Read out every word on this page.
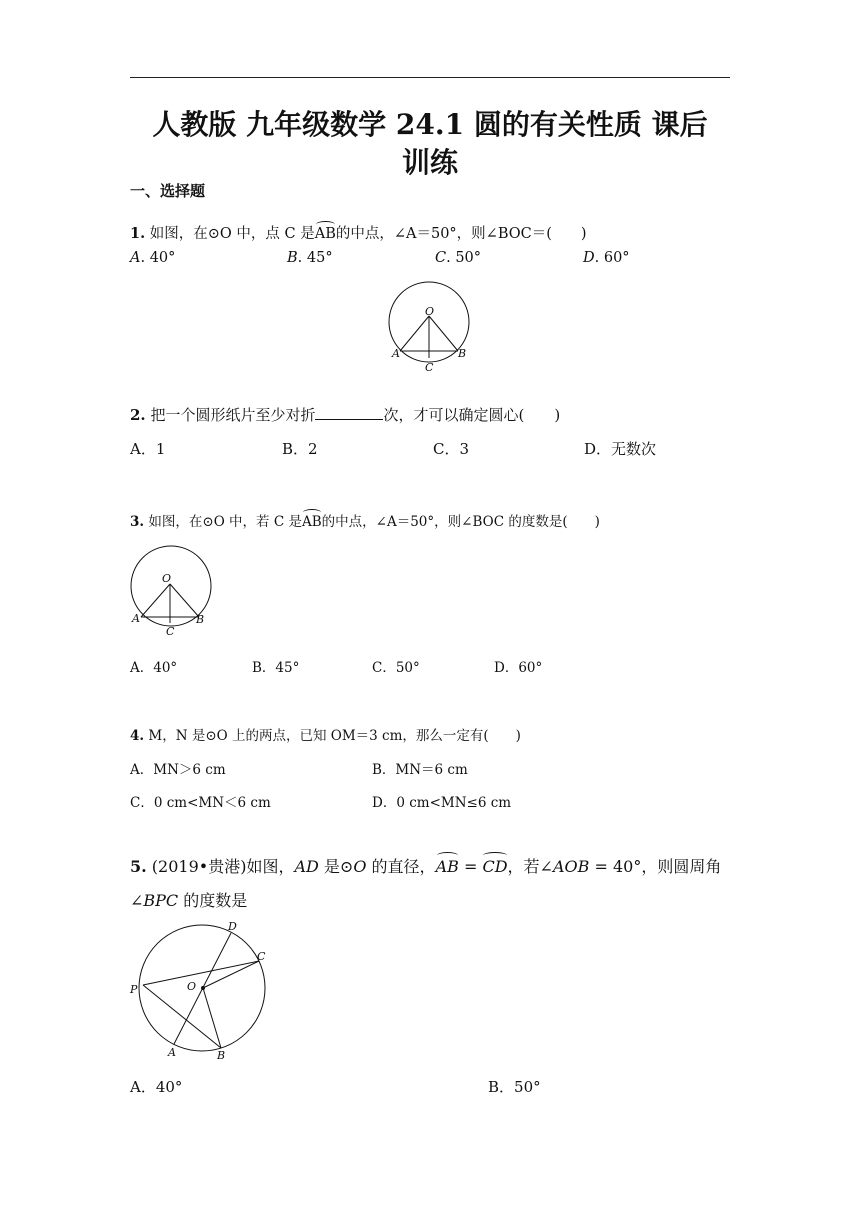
人教版 九年级数学 24.1 圆的有关性质 课后
训练
一、选择题
1. 如图，在⊙O 中，点 C 是AB的中点，∠A＝50°，则∠BOC＝(　　)
A. 40°	B. 45°	C. 50°	D. 60°
O
A	B
C
2. 把一个圆形纸片至少对折	次，才可以确定圆心(　　)
A．1	B．2	C．3	D．无数次
3. 如图，在⊙O 中，若 C 是AB的中点，∠A＝50°，则∠BOC 的度数是(　　)
O
A	B
C
A．40°	B．45°	C．50°	D．60°
4. M，N 是⊙O 上的两点，已知 OM＝3 cm，那么一定有(　　)
A．MN＞6 cm	B．MN＝6 cm
C．0 cm<MN＜6 cm	D．0 cm<MN≤6 cm
5. (2019•贵港)如图，AD 是⊙O 的直径，AB = CD，若∠AOB = 40°，则圆周角
∠BPC 的度数是
D
C
P	O
A	B
A．40°	B．50°
